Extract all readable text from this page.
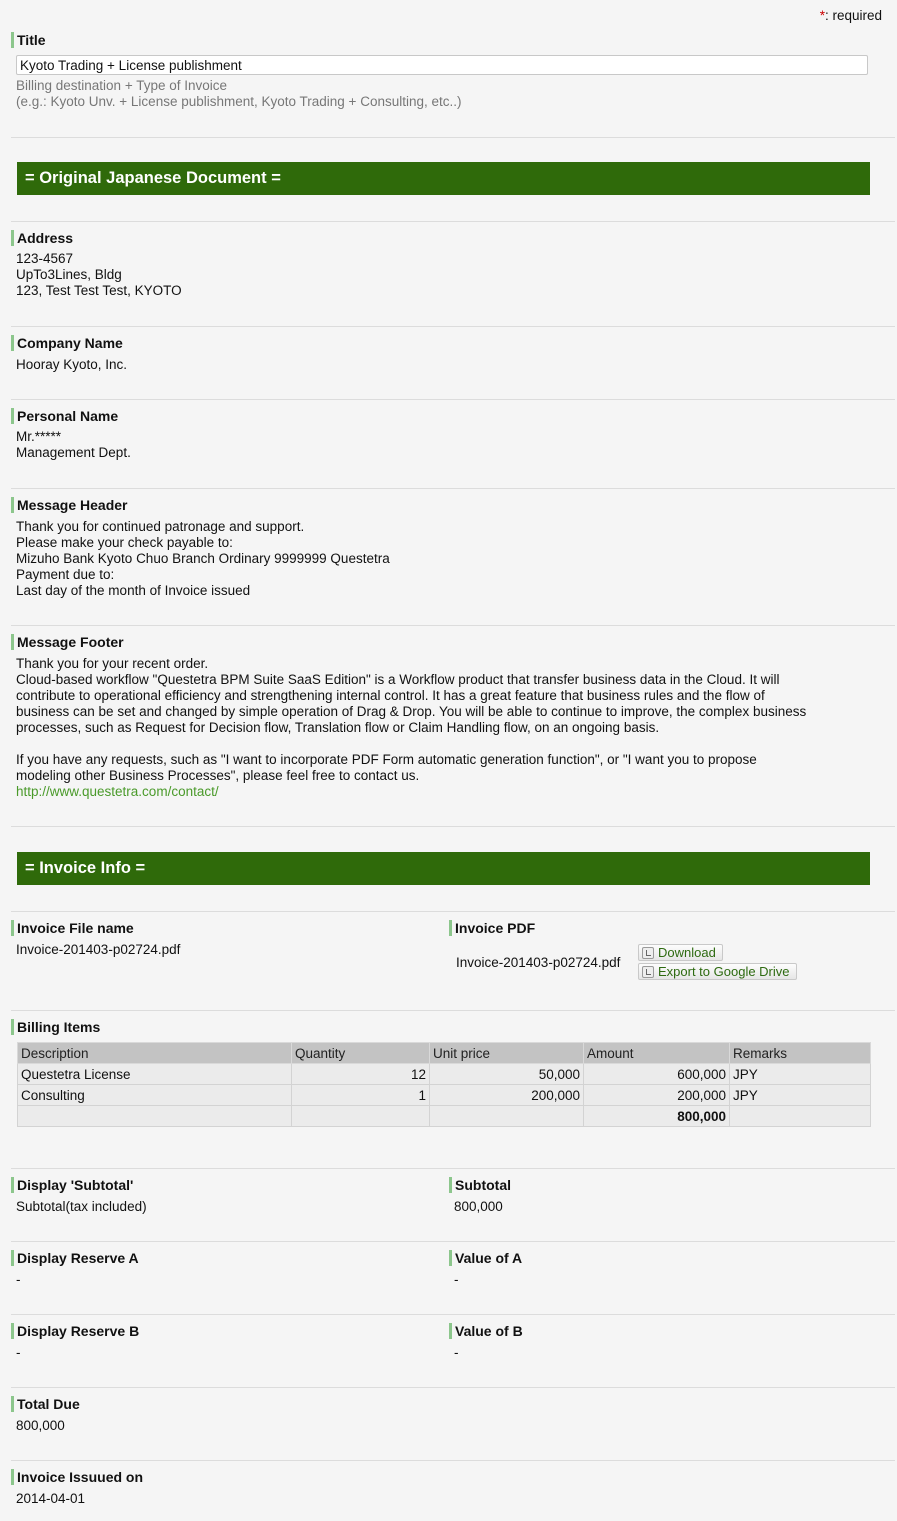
*: required
Title
Kyoto Trading + License publishment
Billing destination + Type of Invoice
(e.g.: Kyoto Unv. + License publishment, Kyoto Trading + Consulting, etc..)
= Original Japanese Document =
Address
123-4567
UpTo3Lines, Bldg
123, Test Test Test, KYOTO
Company Name
Hooray Kyoto, Inc.
Personal Name
Mr.*****
Management Dept.
Message Header
Thank you for continued patronage and support.
Please make your check payable to:
Mizuho Bank Kyoto Chuo Branch Ordinary 9999999 Questetra
Payment due to:
Last day of the month of Invoice issued
Message Footer
Thank you for your recent order.
Cloud-based workflow "Questetra BPM Suite SaaS Edition" is a Workflow product that transfer business data in the Cloud. It will
contribute to operational efficiency and strengthening internal control. It has a great feature that business rules and the flow of
business can be set and changed by simple operation of Drag & Drop. You will be able to continue to improve, the complex business
processes, such as Request for Decision flow, Translation flow or Claim Handling flow, on an ongoing basis.

If you have any requests, such as "I want to incorporate PDF Form automatic generation function", or "I want you to propose
modeling other Business Processes", please feel free to contact us.
http://www.questetra.com/contact/
= Invoice Info =
Invoice File name
Invoice-201403-p02724.pdf
Invoice PDF
Invoice-201403-p02724.pdf
Download
Export to Google Drive
Billing Items
Description	Quantity	Unit price	Amount	Remarks
Questetra License	12	50,000	600,000	JPY
Consulting	1	200,000	200,000	JPY
			800,000	
Display 'Subtotal'
Subtotal(tax included)
Subtotal
800,000
Display Reserve A
-
Value of A
-
Display Reserve B
-
Value of B
-
Total Due
800,000
Invoice Issuued on
2014-04-01
